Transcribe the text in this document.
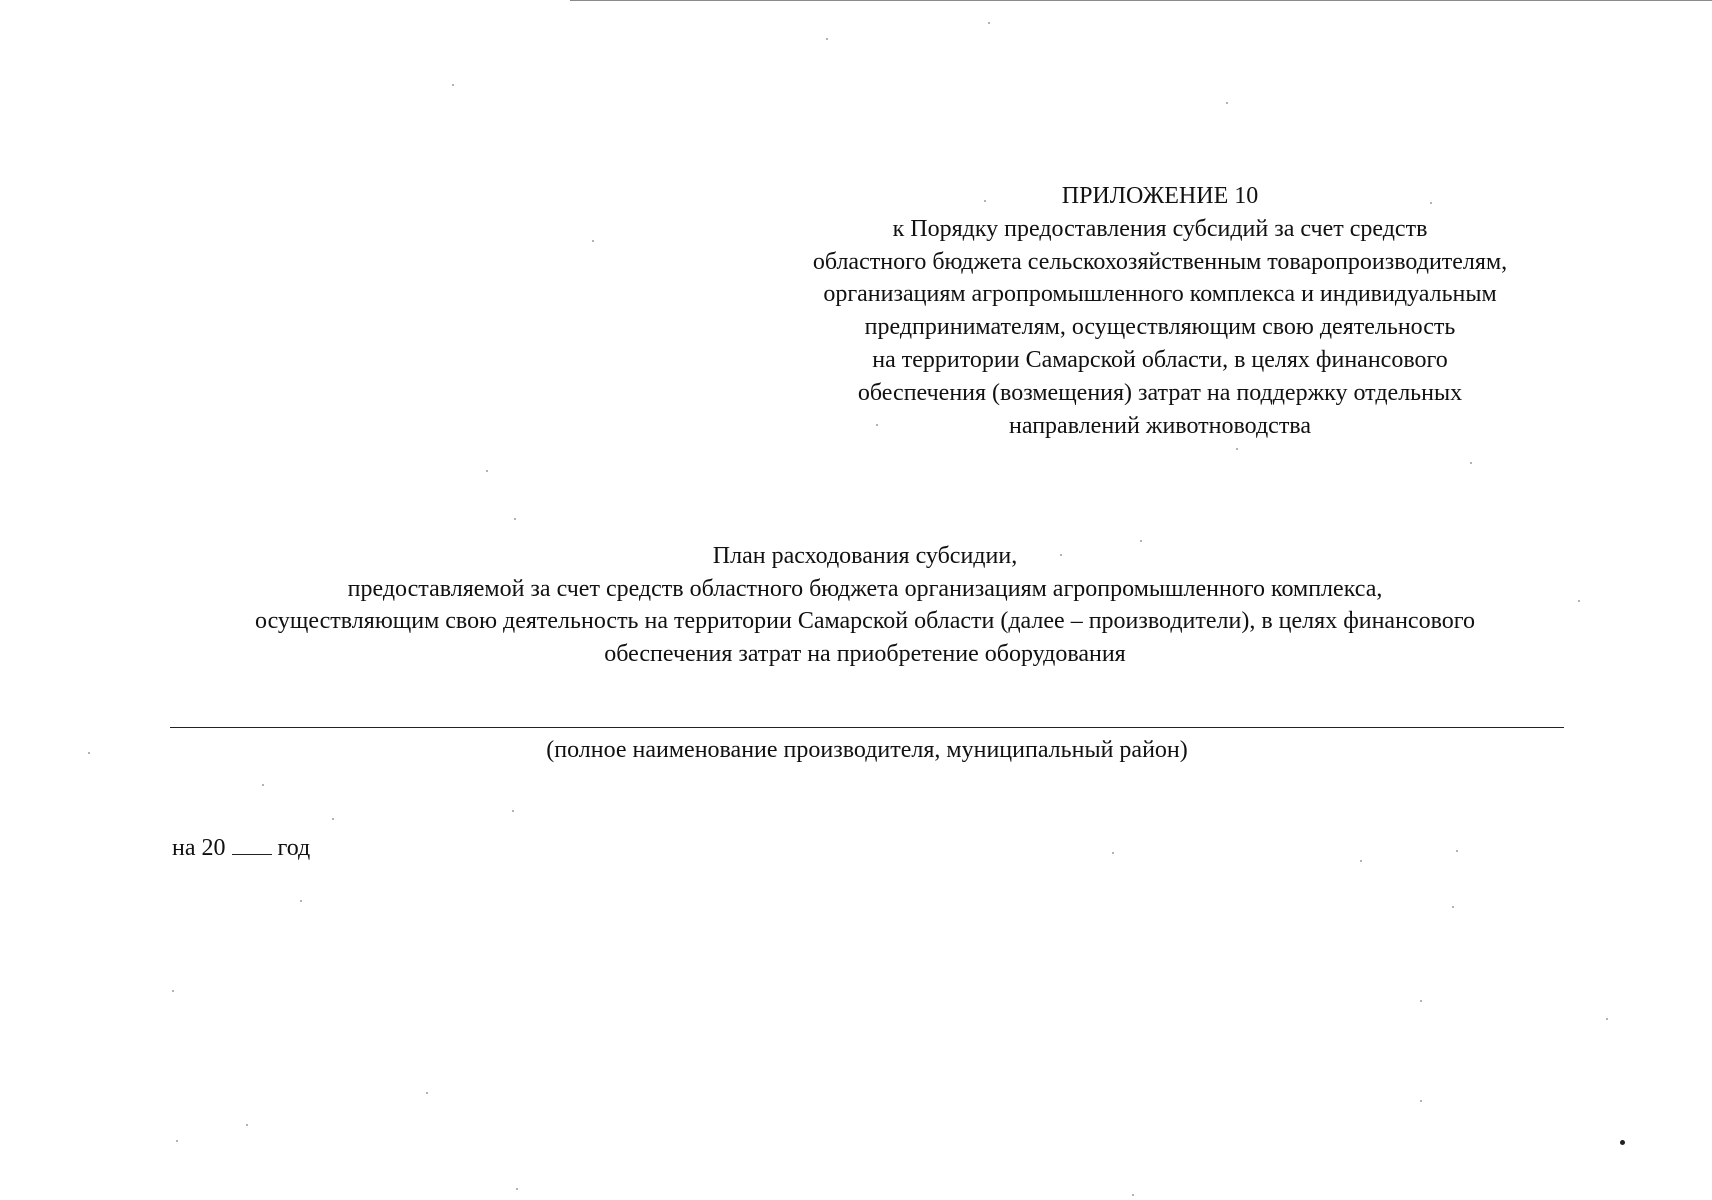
ПРИЛОЖЕНИЕ 10
к Порядку предоставления субсидий за счет средств
областного бюджета сельскохозяйственным товаропроизводителям,
организациям агропромышленного комплекса и индивидуальным
предпринимателям, осуществляющим свою деятельность
на территории Самарской области, в целях финансового
обеспечения (возмещения) затрат на поддержку отдельных
направлений животноводства
План расходования субсидии,
предоставляемой за счет средств областного бюджета организациям агропромышленного комплекса,
осуществляющим свою деятельность на территории Самарской области (далее – производители), в целях финансового
обеспечения затрат на приобретение оборудования
(полное наименование производителя, муниципальный район)
на 20 год
